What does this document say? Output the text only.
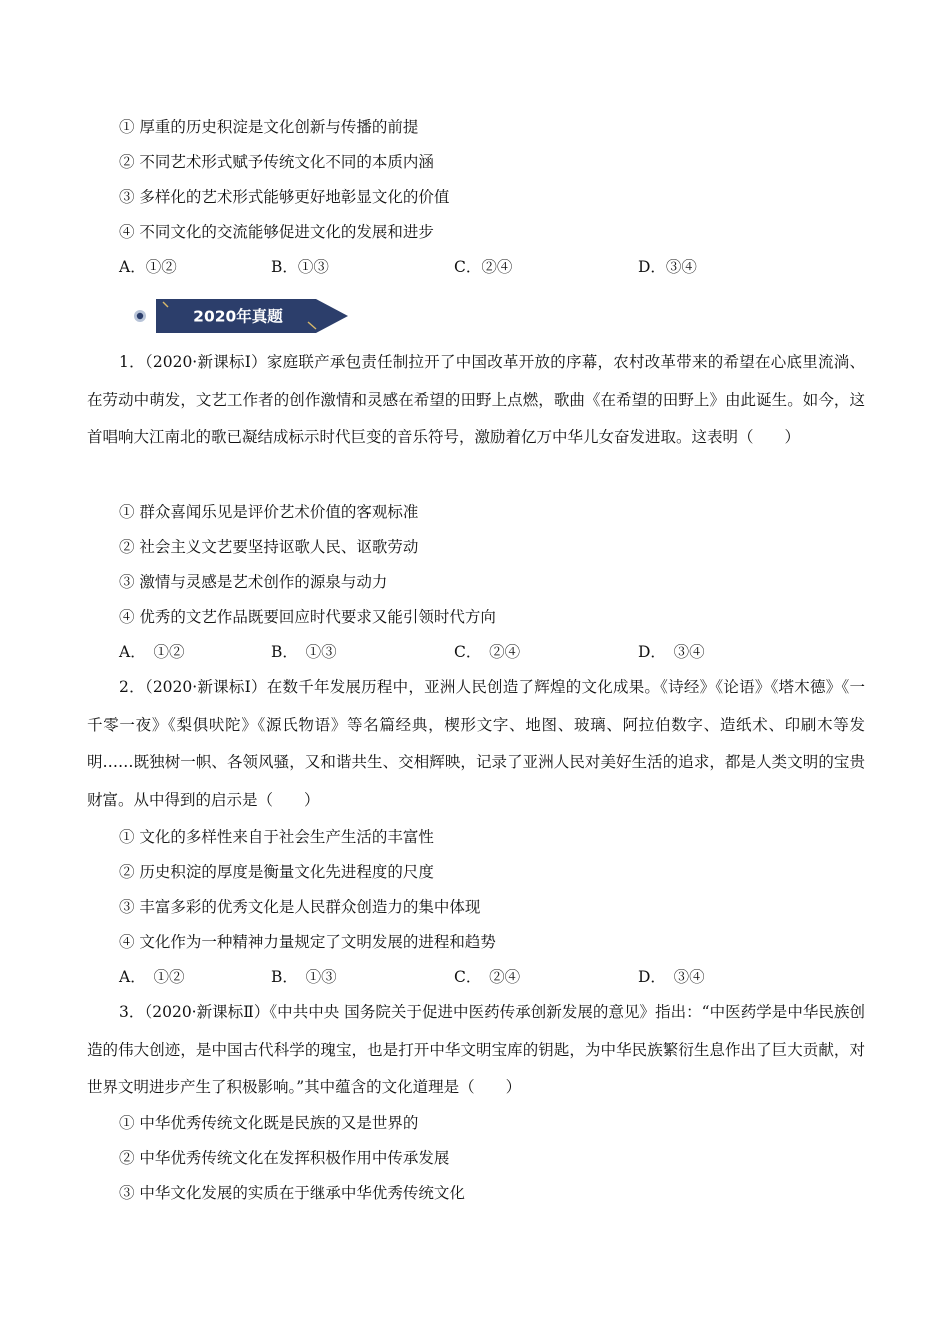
① 厚重的历史积淀是文化创新与传播的前提
② 不同艺术形式赋予传统文化不同的本质内涵
③ 多样化的艺术形式能够更好地彰显文化的价值
④ 不同文化的交流能够促进文化的发展和进步
A．①②	B．①③	C．②④	D．③④
2020年真题
1．（2020·新课标Ⅰ）家庭联产承包责任制拉开了中国改革开放的序幕，农村改革带来的希望在心底里流淌、在劳动中萌发，文艺工作者的创作激情和灵感在希望的田野上点燃，歌曲《在希望的田野上》由此诞生。如今，这首唱响大江南北的歌已凝结成标示时代巨变的音乐符号，激励着亿万中华儿女奋发进取。这表明（　　）
① 群众喜闻乐见是评价艺术价值的客观标准
② 社会主义文艺要坚持讴歌人民、讴歌劳动
③ 激情与灵感是艺术创作的源泉与动力
④ 优秀的文艺作品既要回应时代要求又能引领时代方向
A．　①②	B．　①③	C．　②④	D．　③④
2．（2020·新课标Ⅰ）在数千年发展历程中，亚洲人民创造了辉煌的文化成果。《诗经》《论语》《塔木德》《一千零一夜》《梨俱吠陀》《源氏物语》等名篇经典，楔形文字、地图、玻璃、阿拉伯数字、造纸术、印刷木等发明……既独树一帜、各领风骚，又和谐共生、交相辉映，记录了亚洲人民对美好生活的追求，都是人类文明的宝贵财富。从中得到的启示是（　　）
① 文化的多样性来自于社会生产生活的丰富性
② 历史积淀的厚度是衡量文化先进程度的尺度
③ 丰富多彩的优秀文化是人民群众创造力的集中体现
④ 文化作为一种精神力量规定了文明发展的进程和趋势
A．　①②	B．　①③	C．　②④	D．　③④
3．（2020·新课标Ⅱ）《中共中央 国务院关于促进中医药传承创新发展的意见》指出：“中医药学是中华民族创造的伟大创迹，是中国古代科学的瑰宝，也是打开中华文明宝库的钥匙，为中华民族繁衍生息作出了巨大贡献，对世界文明进步产生了积极影响。”其中蕴含的文化道理是（　　）
① 中华优秀传统文化既是民族的又是世界的
② 中华优秀传统文化在发挥积极作用中传承发展
③ 中华文化发展的实质在于继承中华优秀传统文化
